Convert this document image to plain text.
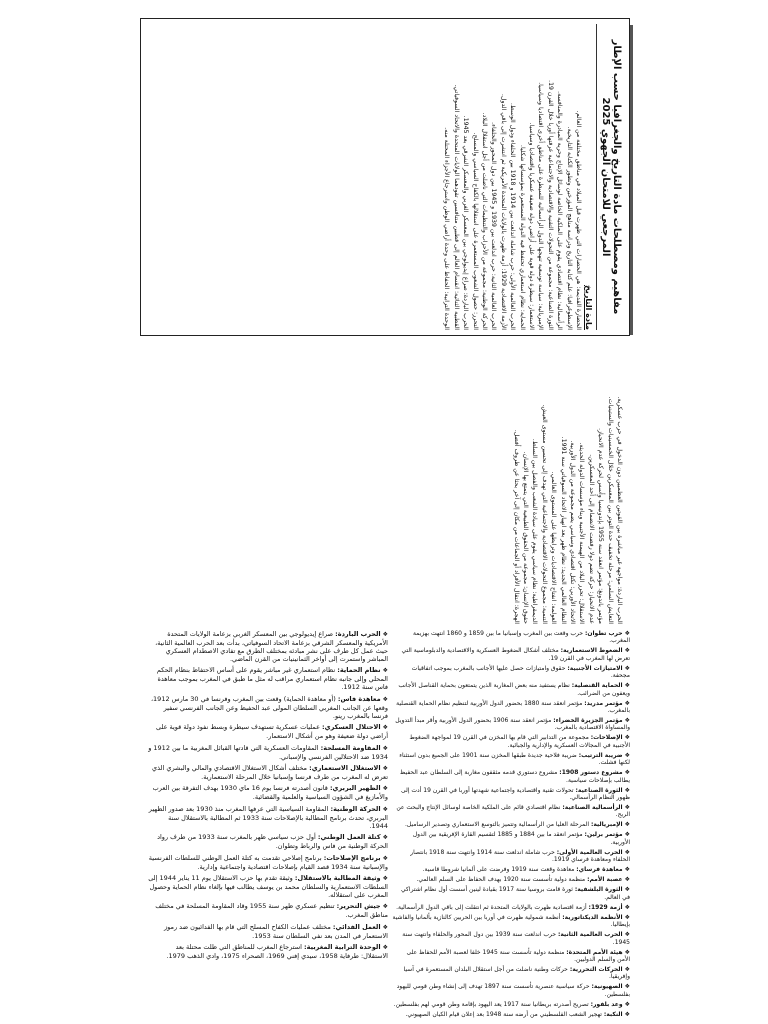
مفاهيم ومصطلحات مادة التاريخ والجغرافيا حسب الإطار المرجعي للامتحان الجهوي 2025
مادة التاريخ

الحضارة القديمة: هي الحضارات التي ظهرت قبل الميلاد في مناطق مختلفة من العالم.

الإسطوغرافيا: علم كتابة التاريخ ودراسة مناهج المؤرخين وتطور الكتابة التاريخية.

الرأسمالية: نظام اقتصادي يقوم على الملكية الخاصة لوسائل الإنتاج وحرية المبادرة والمنافسة.

الثورة الصناعية: مجموعة من التحولات التقنية والاقتصادية والاجتماعية عرفتها أوربا خلال القرن 19.

الإمبريالية: سياسة توسعية تنهجها الدول الرأسمالية للسيطرة على مناطق أخرى اقتصاديا وسياسيا.

الاستعمار: سيطرة دولة قوية على أراضي دولة ضعيفة عسكريا واقتصاديا وسياسيا.

الحماية: نظام استعماري تحتفظ فيه الدولة المستعمرة بمؤسساتها شكليا.

الحرب العالمية الأولى: حرب شاملة اندلعت بين 1914 و 1918 بين الحلفاء ودول الوسط.

الأزمة الاقتصادية 1929: أزمة ظهرت بالولايات المتحدة الأمريكية ثم انتشرت إلى باقي الدول.

الحرب العالمية الثانية: حرب اندلعت بين 1939 و 1945 بين دول المحور والحلفاء.

الحركة الوطنية: مجموعة من الأحزاب والتنظيمات التي ناضلت من أجل استقلال البلاد.

التحرر: حصول الشعوب المستعمرة على استقلالها بالكفاح السياسي والمسلح.

الحرب الباردة: صراع إيديولوجي بين المعسكر الغربي والمعسكر الشرقي بعد 1945.

القطبية الثنائية: انقسام العالم إلى قطبين متنافسين تقودهما الولايات المتحدة والاتحاد السوفياتي.

الوحدة الترابية: الحفاظ على وحدة أراضي الوطن واسترجاع الأجزاء المحتلة منه.

الحرب الباردة: مواجهة غير مباشرة بين القوتين العظميين دون الدخول في حرب عسكرية.

التعايش السلمي: مرحلة تخفيف حدة التوتر بين المعسكرين خلال الخمسينيات والستينيات.

مؤتمر باندونغ: مؤتمر انعقد سنة 1955 بإندونيسيا وأسس لحركة عدم الانحياز.

عدم الانحياز: حركة تضم دولا رفضت الانضمام إلى أحد المعسكرين.

الاستقلال: تحرر البلاد من الهيمنة الأجنبية وبناء مؤسسات الدولة الحديثة.

الاتحاد الأوربي: تكتل اقتصادي وسياسي يضم مجموعة من الدول الأوربية.

النظام العالمي الجديد: نظام ظهر بعد انهيار الاتحاد السوفياتي سنة 1991.

العولمة: انفتاح الاقتصاديات وترابطها على المستوى العالمي.

التنمية: مجموع التحولات الاقتصادية والاجتماعية التي تهدف إلى تحسين مستوى العيش.

الديمقراطية: نظام سياسي يقوم على سيادة الشعب والفصل بين السلط.

حقوق الإنسان: مجموعة من الحقوق الطبيعية التي يتمتع بها الإنسان.

الهجرة: انتقال الأفراد أو الجماعات من مكان إلى آخر بحثا عن ظروف أفضل.

❖الحرب الباردة: صراع إيديولوجي بين المعسكر الغربي بزعامة الولايات المتحدة الأمريكية والمعسكر الشرقي بزعامة الاتحاد السوفياتي، بدأت بعد الحرب العالمية الثانية، حيث عمل كل طرف على نشر مبادئه بمختلف الطرق مع تفادي الاصطدام العسكري المباشر واستمرت إلى أواخر الثمانينيات من القرن الماضي.

❖نظام الحماية: نظام استعماري غير مباشر يقوم على أساس الاحتفاظ بنظام الحكم المحلي وإلى جانبه نظام استعماري مراقب له مثل ما طبق في المغرب بموجب معاهدة فاس سنة 1912.

❖معاهدة فاس: (أو معاهدة الحماية) وقعت بين المغرب وفرنسا في 30 مارس 1912، وقعها عن الجانب المغربي السلطان المولى عبد الحفيظ وعن الجانب الفرنسي سفير فرنسا بالمغرب رينو.

❖الاحتلال العسكري: عمليات عسكرية تستهدف سيطرة وبسط نفوذ دولة قوية على أراضي دولة ضعيفة وهو من أشكال الاستعمار.

❖المقاومة المسلحة: المقاومات العسكرية التي قادتها القبائل المغربية ما بين 1912 و 1934 ضد الاحتلالين الفرنسي والإسباني.

❖الاستغلال الاستعماري: مختلف أشكال الاستغلال الاقتصادي والمالي والبشري الذي تعرض له المغرب من طرف فرنسا وإسبانيا خلال المرحلة الاستعمارية.

❖الظهير البربري: قانون أصدرته فرنسا يوم 16 ماي 1930 بهدف التفرقة بين العرب والأمازيغ في الشؤون السياسية والعلمية والقضائية.

❖الحركة الوطنية: المقاومة السياسية التي عرفها المغرب منذ 1930 بعد صدور الظهير البربري، تحدث برنامج المطالبة بالإصلاحات سنة 1933 ثم المطالبة بالاستقلال سنة 1944.

❖كتلة العمل الوطني: أول حزب سياسي ظهر بالمغرب سنة 1933 من طرف رواد الحركة الوطنية من فاس والرباط وتطوان.

❖برنامج الإصلاحات: برنامج إصلاحي تقدمت به كتلة العمل الوطني للسلطات الفرنسية والإسبانية سنة 1934 قصد القيام بإصلاحات اقتصادية واجتماعية وإدارية.

❖وثيقة المطالبة بالاستقلال: وثيقة تقدم بها حزب الاستقلال يوم 11 يناير 1944 إلى السلطات الاستعمارية والسلطان محمد بن يوسف يطالب فيها بإلغاء نظام الحماية وحصول المغرب على استقلاله.

❖جيش التحرير: تنظيم عسكري ظهر سنة 1955 وقاد المقاومة المسلحة في مختلف مناطق المغرب.

❖العمل الفدائي: مختلف عمليات الكفاح المسلح التي قام بها الفدائيون ضد رموز الاستعمار في المدن بعد نفي السلطان سنة 1953.

❖الوحدة الترابية المغربية: استرجاع المغرب للمناطق التي ظلت محتلة بعد الاستقلال: طرفاية 1958، سيدي إفني 1969، الصحراء 1975، وادي الذهب 1979.

❖حرب تطوان: حرب وقعت بين المغرب وإسبانيا ما بين 1859 و 1860 انتهت بهزيمة المغرب.

❖الضغوط الاستعمارية: مختلف أشكال الضغوط العسكرية والاقتصادية والدبلوماسية التي تعرض لها المغرب في القرن 19.

❖الامتيازات الأجنبية: حقوق وامتيازات حصل عليها الأجانب بالمغرب بموجب اتفاقيات مجحفة.

❖الحماية القنصلية: نظام يستفيد منه بعض المغاربة الذين يتمتعون بحماية القناصل الأجانب ويعفون من الضرائب.

❖مؤتمر مدريد: مؤتمر انعقد سنة 1880 بحضور الدول الأوربية لتنظيم نظام الحماية القنصلية بالمغرب.

❖مؤتمر الجزيرة الخضراء: مؤتمر انعقد سنة 1906 بحضور الدول الأوربية وأقر مبدأ التدويل والمساواة الاقتصادية بالمغرب.

❖الإصلاحات: مجموعة من التدابير التي قام بها المخزن في القرن 19 لمواجهة الضغوط الأجنبية في المجالات العسكرية والإدارية والجبائية.

❖ضريبة الترتيب: ضريبة فلاحية جديدة طبقها المخزن سنة 1901 على الجميع بدون استثناء لكنها فشلت.

❖مشروع دستور 1908: مشروع دستوري قدمه مثقفون مغاربة إلى السلطان عبد الحفيظ يطالب بإصلاحات سياسية.

❖الثورة الصناعية: تحولات تقنية واقتصادية واجتماعية شهدتها أوربا في القرن 19 أدت إلى ظهور النظام الرأسمالي.

❖الرأسمالية الصناعية: نظام اقتصادي قائم على الملكية الخاصة لوسائل الإنتاج والبحث عن الربح.

❖الإمبريالية: المرحلة العليا من الرأسمالية وتتميز بالتوسع الاستعماري وتصدير الرساميل.

❖مؤتمر برلين: مؤتمر انعقد ما بين 1884 و 1885 لتقسيم القارة الإفريقية بين الدول الأوربية.

❖الحرب العالمية الأولى: حرب شاملة اندلعت سنة 1914 وانتهت سنة 1918 بانتصار الحلفاء ومعاهدة فرساي 1919.

❖معاهدة فرساي: معاهدة وقعت سنة 1919 وفرضت على ألمانيا شروطا قاسية.

❖عصبة الأمم: منظمة دولية تأسست سنة 1920 بهدف الحفاظ على السلم العالمي.

❖الثورة البلشفية: ثورة قامت بروسيا سنة 1917 بقيادة لينين أسست أول نظام اشتراكي في العالم.

❖أزمة 1929: أزمة اقتصادية ظهرت بالولايات المتحدة ثم انتقلت إلى باقي الدول الرأسمالية.

❖الأنظمة الديكتاتورية: أنظمة شمولية ظهرت في أوربا بين الحربين كالنازية بألمانيا والفاشية بإيطاليا.

❖الحرب العالمية الثانية: حرب اندلعت سنة 1939 بين دول المحور والحلفاء وانتهت سنة 1945.

❖هيئة الأمم المتحدة: منظمة دولية تأسست سنة 1945 خلفا لعصبة الأمم للحفاظ على الأمن والسلم الدوليين.

❖الحركات التحررية: حركات وطنية ناضلت من أجل استقلال البلدان المستعمرة في آسيا وإفريقيا.

❖الصهيونية: حركة سياسية عنصرية تأسست سنة 1897 تهدف إلى إنشاء وطن قومي لليهود بفلسطين.

❖وعد بلفور: تصريح أصدرته بريطانيا سنة 1917 يعد اليهود بإقامة وطن قومي لهم بفلسطين.

❖النكبة: تهجير الشعب الفلسطيني من أرضه سنة 1948 بعد إعلان قيام الكيان الصهيوني.
